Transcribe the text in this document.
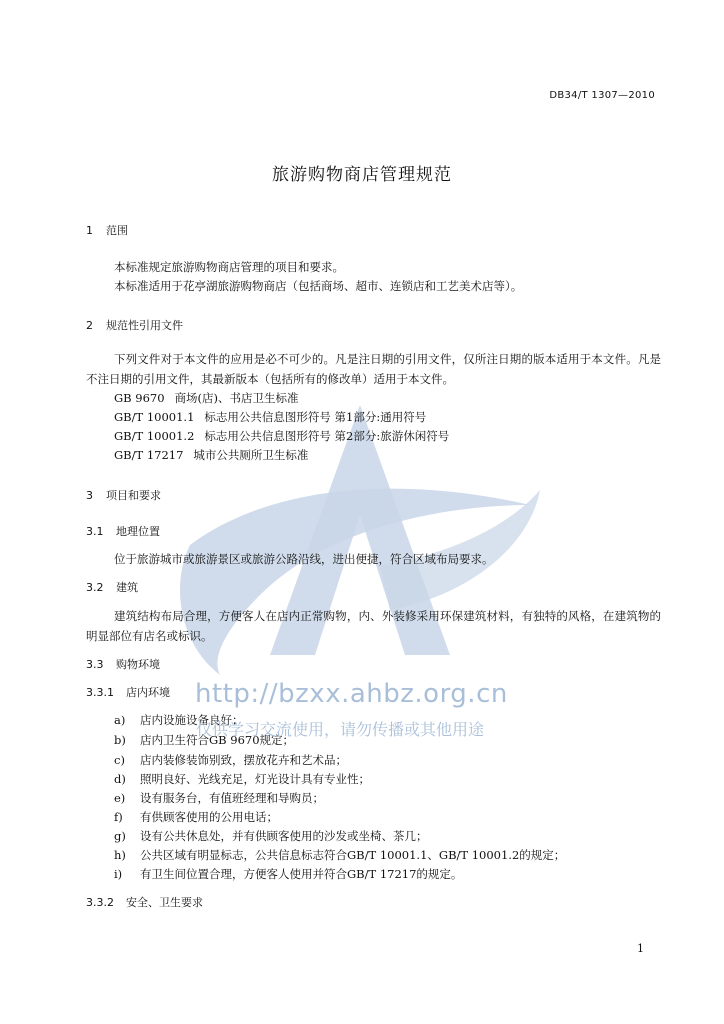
DB34/T 1307—2010
旅游购物商店管理规范
1 范围
本标准规定旅游购物商店管理的项目和要求。
本标准适用于花亭湖旅游购物商店（包括商场、超市、连锁店和工艺美术店等）。
2 规范性引用文件
下列文件对于本文件的应用是必不可少的。凡是注日期的引用文件，仅所注日期的版本适用于本文件。凡是不注日期的引用文件，其最新版本（包括所有的修改单）适用于本文件。
GB 9670 商场(店)、书店卫生标准
GB/T 10001.1 标志用公共信息图形符号 第1部分:通用符号
GB/T 10001.2 标志用公共信息图形符号 第2部分:旅游休闲符号
GB/T 17217 城市公共厕所卫生标准
3 项目和要求
3.1 地理位置
位于旅游城市或旅游景区或旅游公路沿线，进出便捷，符合区域布局要求。
3.2 建筑
建筑结构布局合理，方便客人在店内正常购物，内、外装修采用环保建筑材料，有独特的风格，在建筑物的明显部位有店名或标识。
3.3 购物环境
3.3.1 店内环境
a) 店内设施设备良好；
b) 店内卫生符合GB 9670规定；
c) 店内装修装饰别致，摆放花卉和艺术品；
d) 照明良好、光线充足，灯光设计具有专业性；
e) 设有服务台，有值班经理和导购员；
f) 有供顾客使用的公用电话；
g) 设有公共休息处，并有供顾客使用的沙发或坐椅、茶几；
h) 公共区域有明显标志，公共信息标志符合GB/T 10001.1、GB/T 10001.2的规定；
i) 有卫生间位置合理，方便客人使用并符合GB/T 17217的规定。
3.3.2 安全、卫生要求
1
http://bzxx.ahbz.org.cn
仅供学习交流使用，请勿传播或其他用途
